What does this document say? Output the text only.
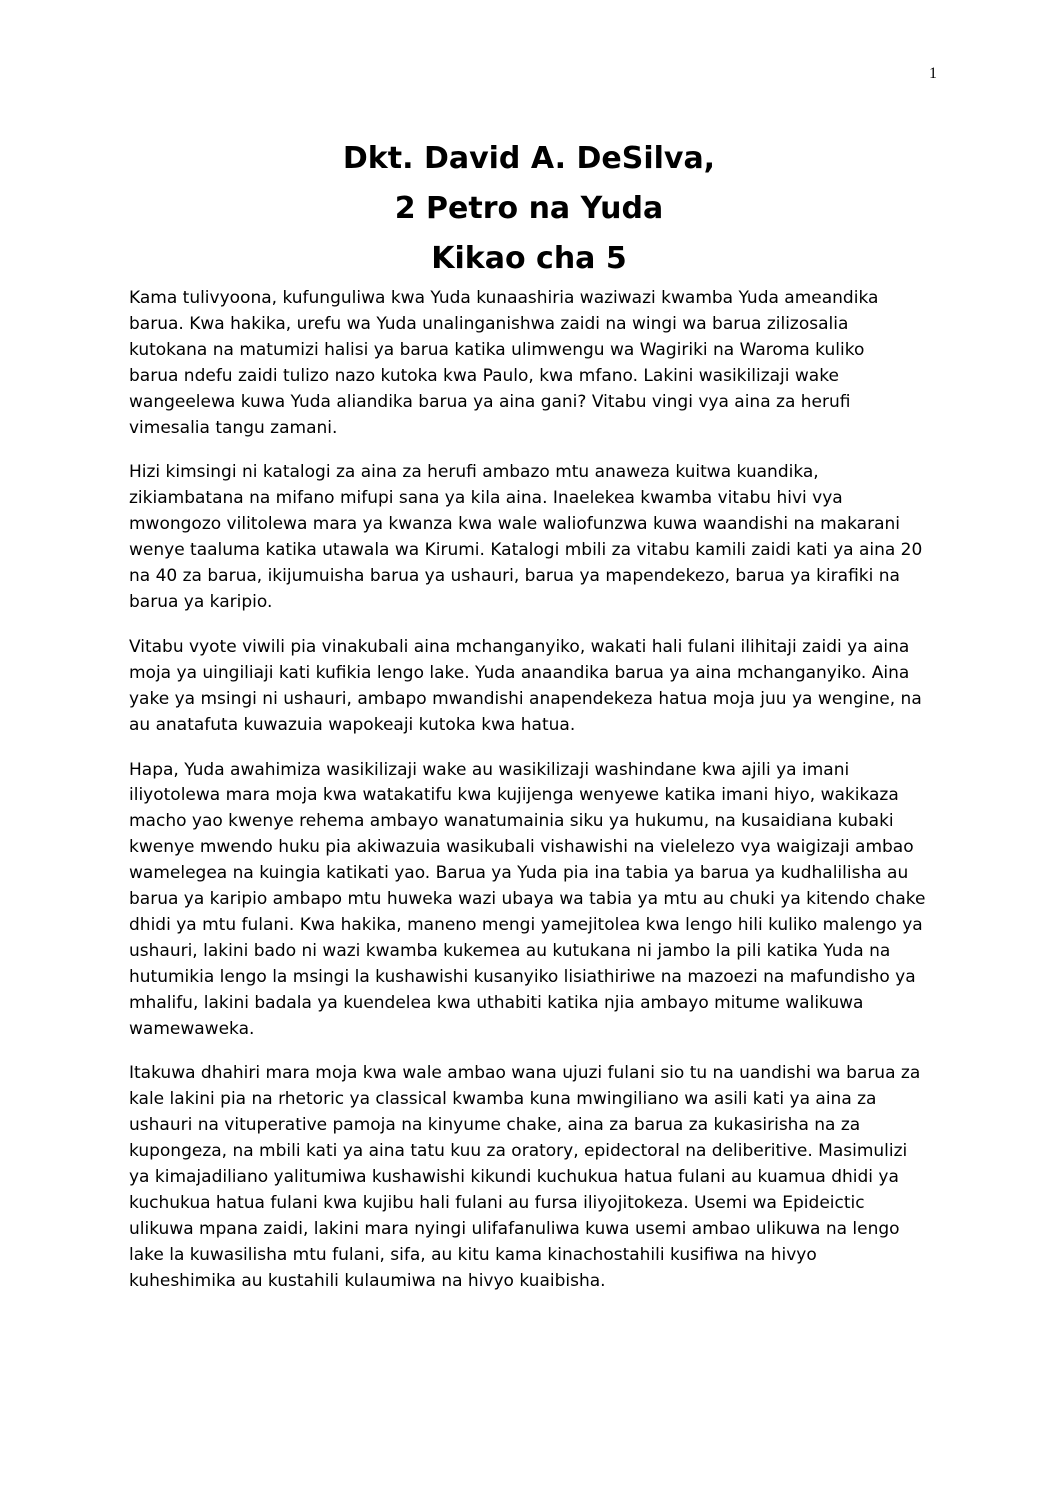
1
Dkt. David A. DeSilva,
2 Petro na Yuda
Kikao cha 5

Kama tulivyoona, kufunguliwa kwa Yuda kunaashiria waziwazi kwamba Yuda ameandika
barua. Kwa hakika, urefu wa Yuda unalinganishwa zaidi na wingi wa barua zilizosalia
kutokana na matumizi halisi ya barua katika ulimwengu wa Wagiriki na Waroma kuliko
barua ndefu zaidi tulizo nazo kutoka kwa Paulo, kwa mfano. Lakini wasikilizaji wake
wangeelewa kuwa Yuda aliandika barua ya aina gani? Vitabu vingi vya aina za herufi
vimesalia tangu zamani.

Hizi kimsingi ni katalogi za aina za herufi ambazo mtu anaweza kuitwa kuandika,
zikiambatana na mifano mifupi sana ya kila aina. Inaelekea kwamba vitabu hivi vya
mwongozo vilitolewa mara ya kwanza kwa wale waliofunzwa kuwa waandishi na makarani
wenye taaluma katika utawala wa Kirumi. Katalogi mbili za vitabu kamili zaidi kati ya aina 20
na 40 za barua, ikijumuisha barua ya ushauri, barua ya mapendekezo, barua ya kirafiki na
barua ya karipio.

Vitabu vyote viwili pia vinakubali aina mchanganyiko, wakati hali fulani ilihitaji zaidi ya aina
moja ya uingiliaji kati kufikia lengo lake. Yuda anaandika barua ya aina mchanganyiko. Aina
yake ya msingi ni ushauri, ambapo mwandishi anapendekeza hatua moja juu ya wengine, na
au anatafuta kuwazuia wapokeaji kutoka kwa hatua.

Hapa, Yuda awahimiza wasikilizaji wake au wasikilizaji washindane kwa ajili ya imani
iliyotolewa mara moja kwa watakatifu kwa kujijenga wenyewe katika imani hiyo, wakikaza
macho yao kwenye rehema ambayo wanatumainia siku ya hukumu, na kusaidiana kubaki
kwenye mwendo huku pia akiwazuia wasikubali vishawishi na vielelezo vya waigizaji ambao
wamelegea na kuingia katikati yao. Barua ya Yuda pia ina tabia ya barua ya kudhalilisha au
barua ya karipio ambapo mtu huweka wazi ubaya wa tabia ya mtu au chuki ya kitendo chake
dhidi ya mtu fulani. Kwa hakika, maneno mengi yamejitolea kwa lengo hili kuliko malengo ya
ushauri, lakini bado ni wazi kwamba kukemea au kutukana ni jambo la pili katika Yuda na
hutumikia lengo la msingi la kushawishi kusanyiko lisiathiriwe na mazoezi na mafundisho ya
mhalifu, lakini badala ya kuendelea kwa uthabiti katika njia ambayo mitume walikuwa
wamewaweka.

Itakuwa dhahiri mara moja kwa wale ambao wana ujuzi fulani sio tu na uandishi wa barua za
kale lakini pia na rhetoric ya classical kwamba kuna mwingiliano wa asili kati ya aina za
ushauri na vituperative pamoja na kinyume chake, aina za barua za kukasirisha na za
kupongeza, na mbili kati ya aina tatu kuu za oratory, epidectoral na deliberitive. Masimulizi
ya kimajadiliano yalitumiwa kushawishi kikundi kuchukua hatua fulani au kuamua dhidi ya
kuchukua hatua fulani kwa kujibu hali fulani au fursa iliyojitokeza. Usemi wa Epideictic
ulikuwa mpana zaidi, lakini mara nyingi ulifafanuliwa kuwa usemi ambao ulikuwa na lengo
lake la kuwasilisha mtu fulani, sifa, au kitu kama kinachostahili kusifiwa na hivyo
kuheshimika au kustahili kulaumiwa na hivyo kuaibisha.
